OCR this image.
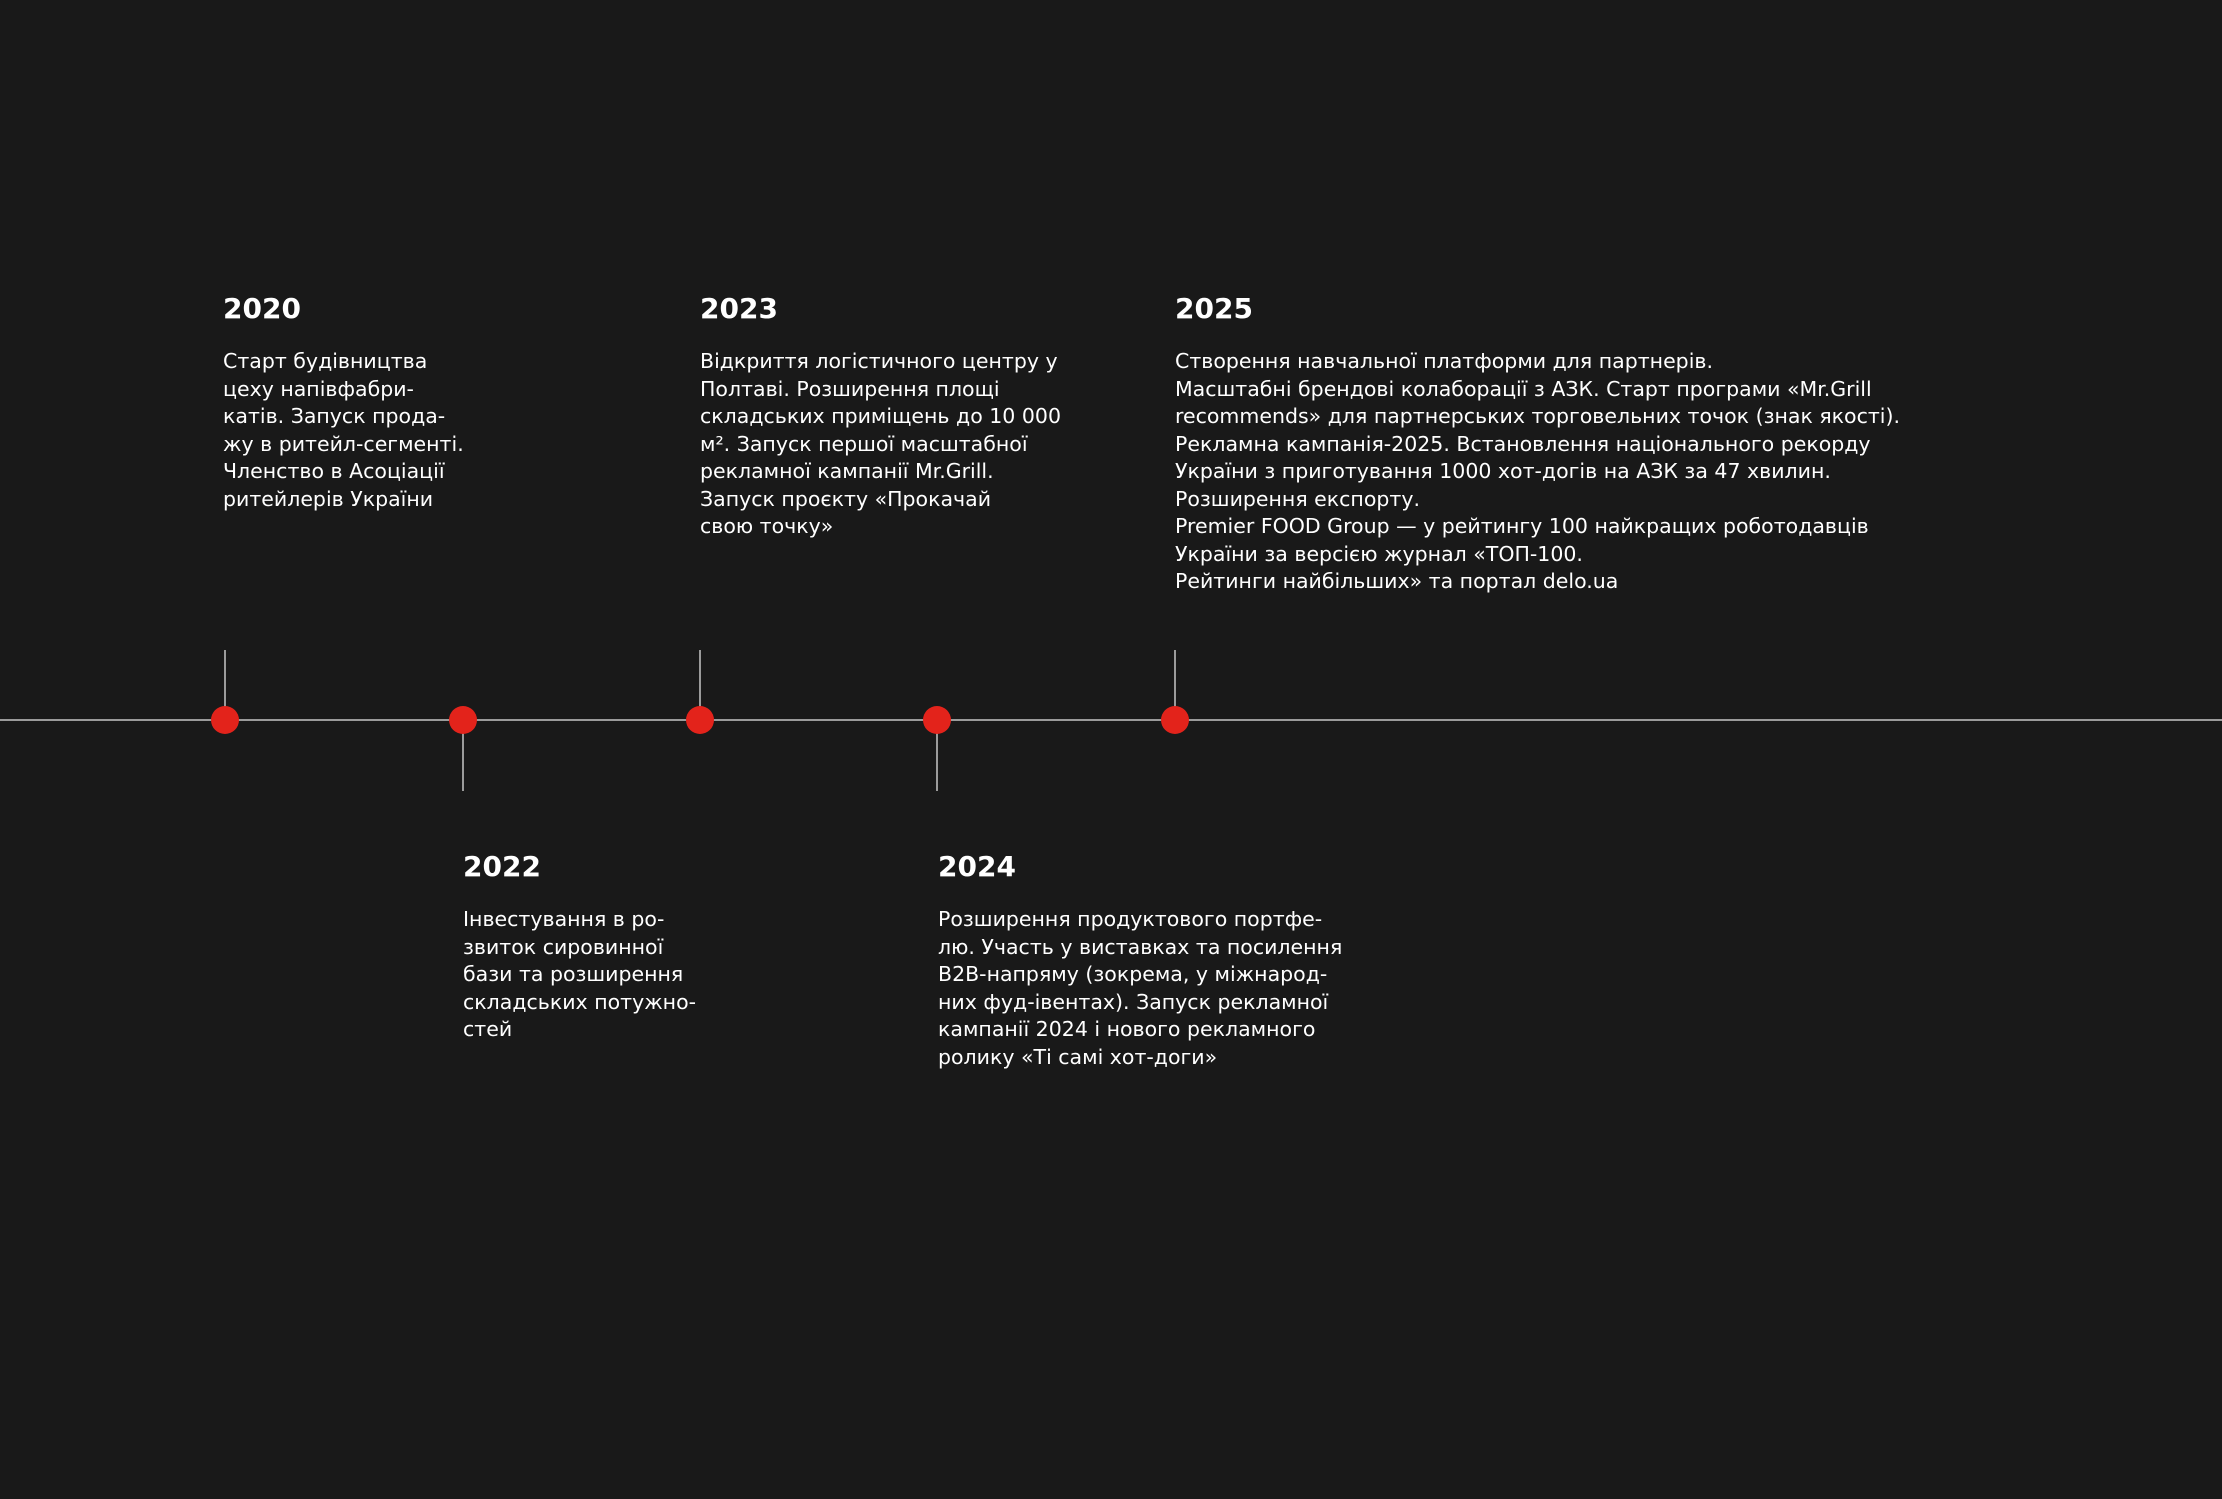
2020
Старт будівництва
цеху напівфабри-
катів. Запуск прода-
жу в ритейл-сегменті.
Членство в Асоціації
ритейлерів України
2022
Інвестування в ро-
звиток сировинної
бази та розширення
складських потужно-
стей
2023
Відкриття логістичного центру у
Полтаві. Розширення площі
складських приміщень до 10 000
м². Запуск першої масштабної
рекламної кампанії Mr.Grill.
Запуск проєкту «Прокачай
свою точку»
2024
Розширення продуктового портфе-
лю. Участь у виставках та посилення
B2B-напряму (зокрема, у міжнарод-
них фуд-івентах). Запуск рекламної
кампанії 2024 і нового рекламного
ролику «Ті самі хот-доги»
2025
Створення навчальної платформи для партнерів.
Масштабні брендові колаборації з АЗК. Старт програми «Mr.Grill
recommends» для партнерських торговельних точок (знак якості).
Рекламна кампанія-2025. Встановлення національного рекорду
України з приготування 1000 хот-догів на АЗК за 47 хвилин.
Розширення експорту.
Premier FOOD Group — у рейтингу 100 найкращих роботодавців
України за версією журнал «ТОП-100.
Рейтинги найбільших» та портал delo.ua
